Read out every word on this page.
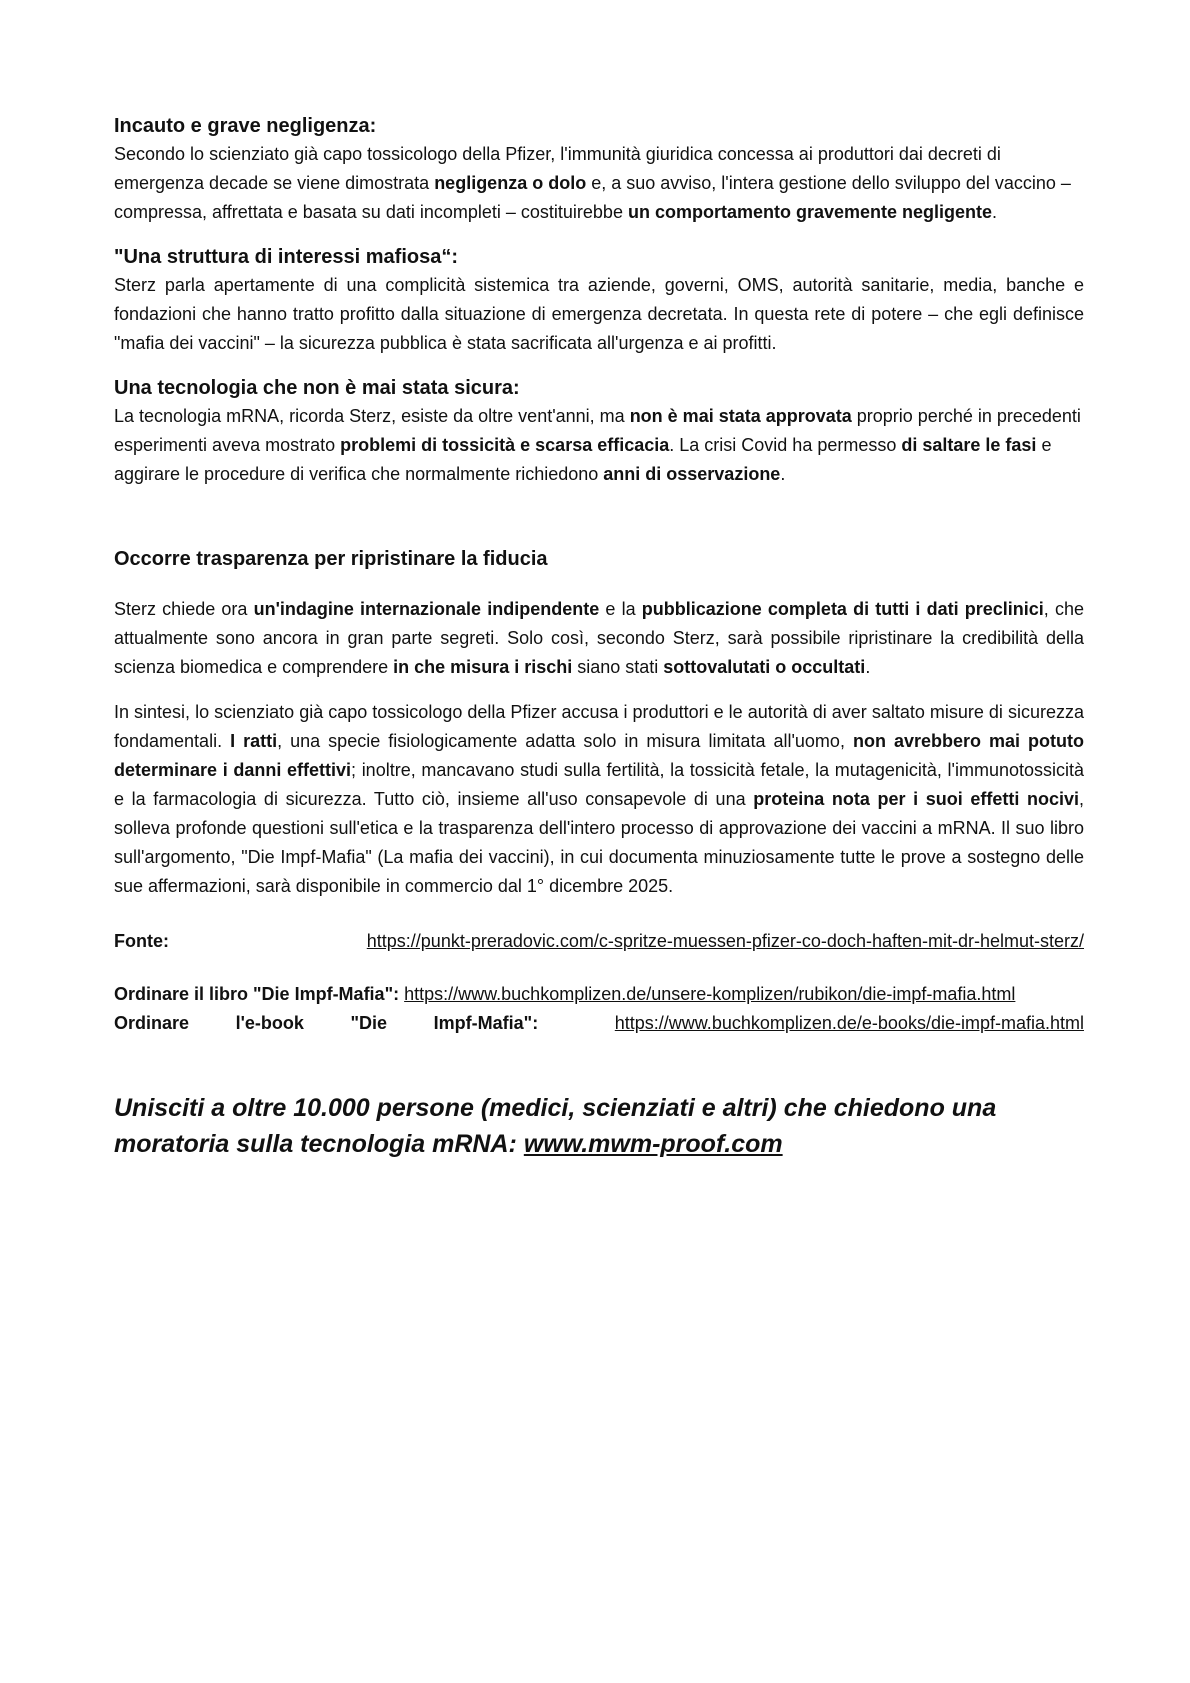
Incauto e grave negligenza:

Secondo lo scienziato già capo tossicologo della Pfizer, l'immunità giuridica concessa ai produttori dai decreti di emergenza decade se viene dimostrata negligenza o dolo e, a suo avviso, l'intera gestione dello sviluppo del vaccino – compressa, affrettata e basata su dati incompleti – costituirebbe un comportamento gravemente negligente.

"Una struttura di interessi mafiosa“:

Sterz parla apertamente di una complicità sistemica tra aziende, governi, OMS, autorità sanitarie, media, banche e fondazioni che hanno tratto profitto dalla situazione di emergenza decretata. In questa rete di potere – che egli definisce "mafia dei vaccini" – la sicurezza pubblica è stata sacrificata all'urgenza e ai profitti.

Una tecnologia che non è mai stata sicura:

La tecnologia mRNA, ricorda Sterz, esiste da oltre vent'anni, ma non è mai stata approvata proprio perché in precedenti esperimenti aveva mostrato problemi di tossicità e scarsa efficacia. La crisi Covid ha permesso di saltare le fasi e aggirare le procedure di verifica che normalmente richiedono anni di osservazione.

Occorre trasparenza per ripristinare la fiducia

Sterz chiede ora un'indagine internazionale indipendente e la pubblicazione completa di tutti i dati preclinici, che attualmente sono ancora in gran parte segreti. Solo così, secondo Sterz, sarà possibile ripristinare la credibilità della scienza biomedica e comprendere in che misura i rischi siano stati sottovalutati o occultati.

In sintesi, lo scienziato già capo tossicologo della Pfizer accusa i produttori e le autorità di aver saltato misure di sicurezza fondamentali. I ratti, una specie fisiologicamente adatta solo in misura limitata all'uomo, non avrebbero mai potuto determinare i danni effettivi; inoltre, mancavano studi sulla fertilità, la tossicità fetale, la mutagenicità, l'immunotossicità e la farmacologia di sicurezza. Tutto ciò, insieme all'uso consapevole di una proteina nota per i suoi effetti nocivi, solleva profonde questioni sull'etica e la trasparenza dell'intero processo di approvazione dei vaccini a mRNA. Il suo libro sull'argomento, "Die Impf-Mafia" (La mafia dei vaccini), in cui documenta minuziosamente tutte le prove a sostegno delle sue affermazioni, sarà disponibile in commercio dal 1° dicembre 2025.

Fonte:	https://punkt-preradovic.com/c-spritze-muessen-pfizer-co-doch-haften-mit-dr-helmut-sterz/

Ordinare il libro "Die Impf-Mafia": https://www.buchkomplizen.de/unsere-komplizen/rubikon/die-impf-mafia.html

Ordinare	l'e-book	"Die	Impf-Mafia":	https://www.buchkomplizen.de/e-books/die-impf-mafia.html

Unisciti a oltre 10.000 persone (medici, scienziati e altri) che chiedono una moratoria sulla tecnologia mRNA: www.mwm-proof.com
